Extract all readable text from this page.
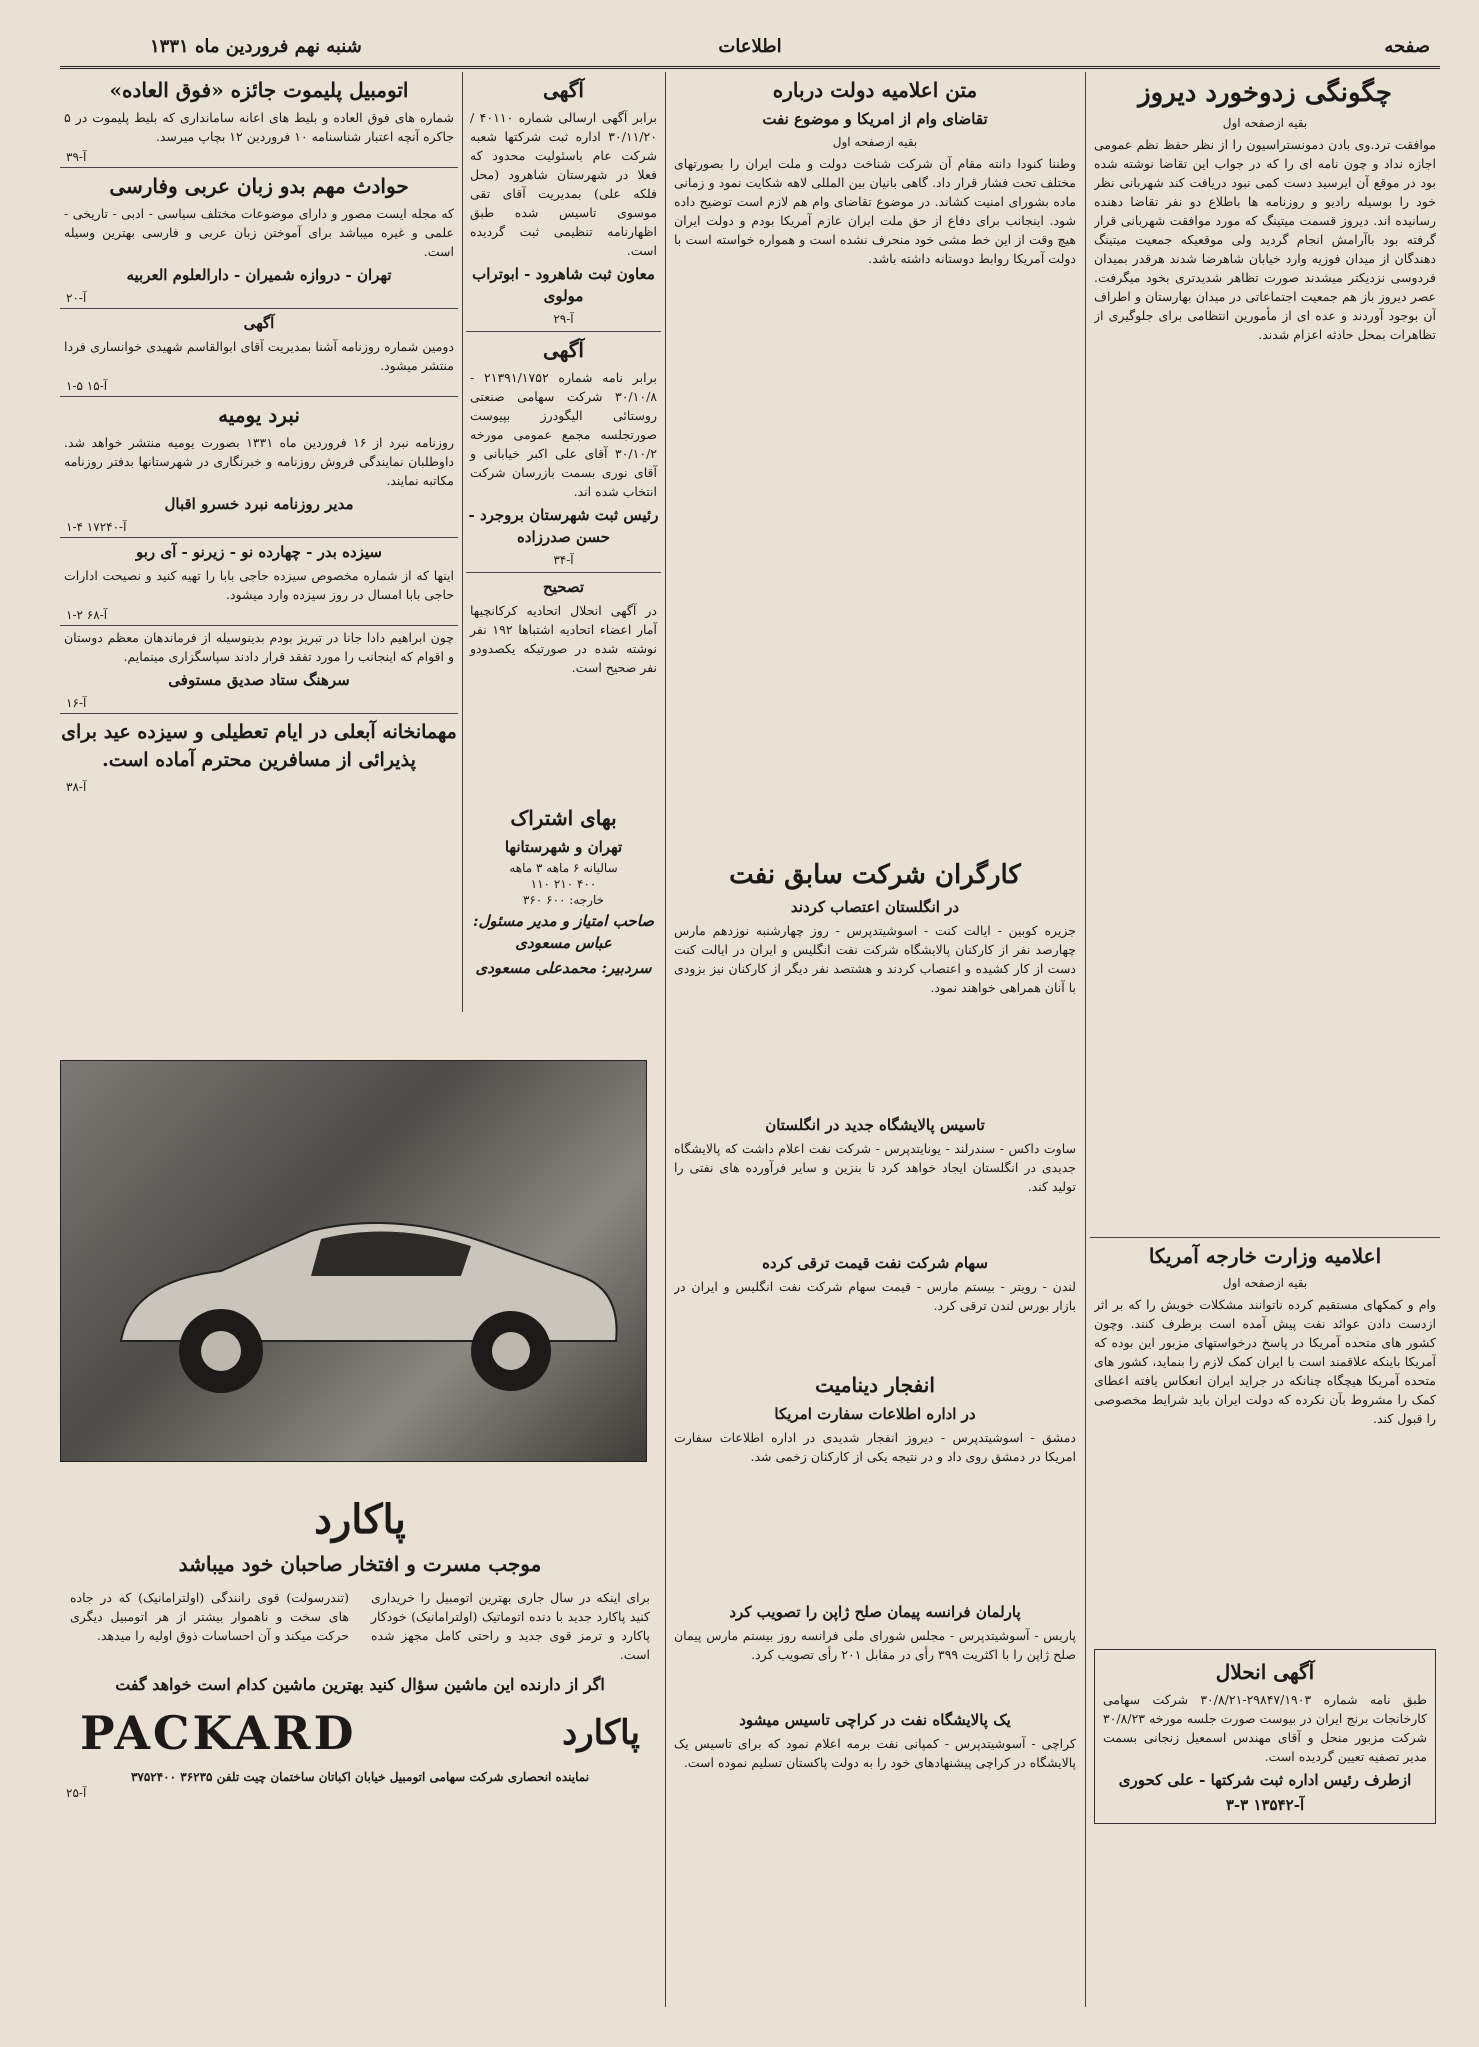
صفحه
اطلاعات
شنبه نهم فروردین ماه ۱۳۳۱
چگونگی زدوخورد دیروز
بقیه ازصفحه اول

موافقت ترد.وی بادن دمونستراسیون را از نظر حفظ نظم عمومی اجازه نداد و چون نامه ای را که در جواب این تقاضا نوشته شده بود در موقع آن ایرسید دست کمی نبود دریافت کند شهربانی نظر خود را بوسیله رادیو و روزنامه ها باطلاع دو نفر تقاضا دهنده رسانیده اند. دیروز قسمت میتینگ که مورد موافقت شهربانی قرار گرفته بود باآرامش انجام گردید ولی موقعیکه جمعیت میتینگ دهندگان از میدان فوزیه وارد خیابان شاهرضا شدند هرقدر بمیدان فردوسی نزدیکتر میشدند صورت تظاهر شدیدتری بخود میگرفت. عصر دیروز باز هم جمعیت اجتماعاتی در میدان بهارستان و اطراف آن بوجود آوردند و عده ای از مأمورین انتظامی برای جلوگیری از تظاهرات بمحل حادثه اعزام شدند.

اعلامیه وزارت خارجه آمریکا
بقیه ازصفحه اول

وام و کمکهای مستقیم کرده ناتوانند مشکلات خویش را که بر اثر ازدست دادن عوائد نفت پیش آمده است برطرف کنند. وچون کشور های متحده آمریکا در پاسخ درخواستهای مزبور این بوده که آمریکا باینکه علاقمند است با ایران کمک لازم را بنماید، کشور های متحده آمریکا هیچگاه چنانکه در جراید ایران انعکاس یافته اعطای کمک را مشروط بآن نکرده که دولت ایران باید شرایط مخصوصی را قبول کند.

آگهی انحلال

طبق نامه شماره ۲۹۸۴۷/۱۹۰۳-۳۰/۸/۲۱ شرکت سهامی کارخانجات برنج ایران در بیوست صورت جلسه مورخه ۳۰/۸/۲۳ شرکت مزبور منحل و آقای مهندس اسمعیل زنجانی بسمت مدیر تصفیه تعیین گردیده است.

ازطرف رئیس اداره ثبت شرکتها - علی کحوری
آ-۱۳۵۴۲ ۳-۳
متن اعلامیه دولت درباره
تقاضای وام از امریکا و موضوع نفت
بقیه ازصفحه اول

وطننا کنودا دانته مقام آن شرکت شناخت دولت و ملت ایران را بصورتهای مختلف تحت فشار قرار داد. گاهی بانیان بین المللی لاهه شکایت نمود و زمانی ماده بشورای امنیت کشاند. در موضوع تقاضای وام هم لازم است توضیح داده شود. اینجانب برای دفاع از حق ملت ایران عازم آمریکا بودم و دولت ایران هیچ وقت از این خط مشی خود منحرف نشده است و همواره خواسته است با دولت آمریکا روابط دوستانه داشته باشد.

کارگران شرکت سابق نفت
در انگلستان اعتصاب کردند

جزیره کوبین - ایالت کنت - اسوشیتدپرس - روز چهارشنبه نوزدهم مارس چهارصد نفر از کارکنان پالایشگاه شرکت نفت انگلیس و ایران در ایالت کنت دست از کار کشیده و اعتصاب کردند و هشتصد نفر دیگر از کارکنان نیز بزودی با آنان همراهی خواهند نمود.

تاسیس پالایشگاه جدید در انگلستان

ساوت داکس - سندرلند - یونایتدپرس - شرکت نفت اعلام داشت که پالایشگاه جدیدی در انگلستان ایجاد خواهد کرد تا بنزین و سایر فرآورده های نفتی را تولید کند.

سهام شرکت نفت قیمت ترقی کرده

لندن - رویتر - بیستم مارس - قیمت سهام شرکت نفت انگلیس و ایران در بازار بورس لندن ترقی کرد.

انفجار دینامیت
در اداره اطلاعات سفارت امریکا

دمشق - اسوشیتدپرس - دیروز انفجار شدیدی در اداره اطلاعات سفارت امریکا در دمشق روی داد و در نتیجه یکی از کارکنان زخمی شد.

پارلمان فرانسه پیمان صلح ژاپن را تصویب کرد

پاریس - آسوشیتدپرس - مجلس شورای ملی فرانسه روز بیستم مارس پیمان صلح ژاپن را با اکثریت ۳۹۹ رأی در مقابل ۲۰۱ رأی تصویب کرد.

یک پالایشگاه نفت در کراچی تاسیس میشود

کراچی - آسوشیتدپرس - کمپانی نفت برمه اعلام نمود که برای تاسیس یک پالایشگاه در کراچی پیشنهادهای خود را به دولت پاکستان تسلیم نموده است.

آگهی

برابر آگهی ارسالی شماره ۴۰۱۱۰ /۳۰/۱۱/۲۰ اداره ثبت شرکتها شعبه شرکت عام باسئولیت محدود که فعلا در شهرستان شاهرود (محل فلکه علی) بمدیریت آقای تقی موسوی تاسیس شده طبق اظهارنامه تنظیمی ثبت گردیده است.

معاون ثبت شاهرود - ابوتراب مولوی
آ-۲۹
آگهی

برابر نامه شماره ۲۱۳۹۱/۱۷۵۲ - ۳۰/۱۰/۸ شرکت سهامی صنعتی روستائی الیگودرز بپیوست صورتجلسه مجمع عمومی مورخه ۳۰/۱۰/۲ آقای علی اکبر خیابانی و آقای نوری بسمت بازرسان شرکت انتخاب شده اند.

رئیس ثبت شهرستان بروجرد - حسن صدرزاده
آ-۳۴
تصحیح

در آگهی انحلال اتحادیه کرکانچیها آمار اعضاء اتحادیه اشتباها ۱۹۲ نفر نوشته شده در صورتیکه یکصدودو نفر صحیح است.

بهای اشتراک
تهران و شهرستانها
سالیانه ۶ ماهه ۳ ماهه
۴۰۰ ۲۱۰ ۱۱۰
خارجه: ۶۰۰ ۳۶۰
صاحب امتیاز و مدیر مسئول: عباس مسعودی
سردبیر: محمدعلی مسعودی
اتومبیل پلیموت جائزه «فوق العاده»

شماره های فوق العاده و بلیط های اعانه سامانداری که بلیط پلیموت در ۵ جاکره آنچه اعتبار شناسنامه ۱۰ فروردین ۱۲ بچاپ میرسد.

آ-۳۹
حوادث مهم بدو زبان عربی وفارسی

که مجله ایست مصور و دارای موضوعات مختلف سیاسی - ادبی - تاریخی - علمی و غیره میباشد برای آموختن زبان عربی و فارسی بهترین وسیله است.

تهران - دروازه شمیران - دارالعلوم العربیه
آ-۲۰
آگهی

دومین شماره روزنامه آشنا بمدیریت آقای ابوالقاسم شهیدی خوانساری فردا منتشر میشود.

آ-۱۵ ۵-۱
نبرد یومیه

روزنامه نبرد از ۱۶ فروردین ماه ۱۳۳۱ بصورت یومیه منتشر خواهد شد. داوطلبان نمایندگی فروش روزنامه و خبرنگاری در شهرستانها بدفتر روزنامه مکاتبه نمایند.

مدیر روزنامه نبرد خسرو اقبال
آ-۱۷۲۴۰ ۴-۱
سیزده بدر - چهارده نو - زیرنو - آی ربو

اینها که از شماره مخصوص سیزده حاجی بابا را تهیه کنید و نصیحت ادارات حاجی بابا امسال در روز سیزده وارد میشود.

آ-۶۸ ۲-۱

چون ابراهیم دادا جانا در تبریز بودم بدینوسیله از فرماندهان معظم دوستان و اقوام که اینجانب را مورد تفقد قرار دادند سپاسگزاری مینمایم.

سرهنگ ستاد صدیق مستوفی
آ-۱۶
مهمانخانه آبعلی در ایام تعطیلی و سیزده عید برای پذیرائی از مسافرین محترم آماده است.
آ-۳۸
پاکارد
موجب مسرت و افتخار صاحبان خود میباشد

برای اینکه در سال جاری بهترین اتومبیل را خریداری کنید پاکارد جدید با دنده اتوماتیک (اولترامانیک) خودکار پاکارد و ترمز قوی جدید و راحتی کامل مجهز شده است.

(تندرسولت) قوی رانندگی (اولترامانیک) که در جاده های سخت و ناهموار بیشتر از هر اتومبیل دیگری حرکت میکند و آن احساسات ذوق اولیه را میدهد.

اگر از دارنده این ماشین سؤال کنید بهترین ماشین کدام است خواهد گفت
PACKARD	پاکارد
نماینده انحصاری شرکت سهامی اتومبیل خیابان اکباتان ساختمان چیت تلفن ۳۶۲۳۵ ۳۷۵۲۴۰۰
آ-۲۵
